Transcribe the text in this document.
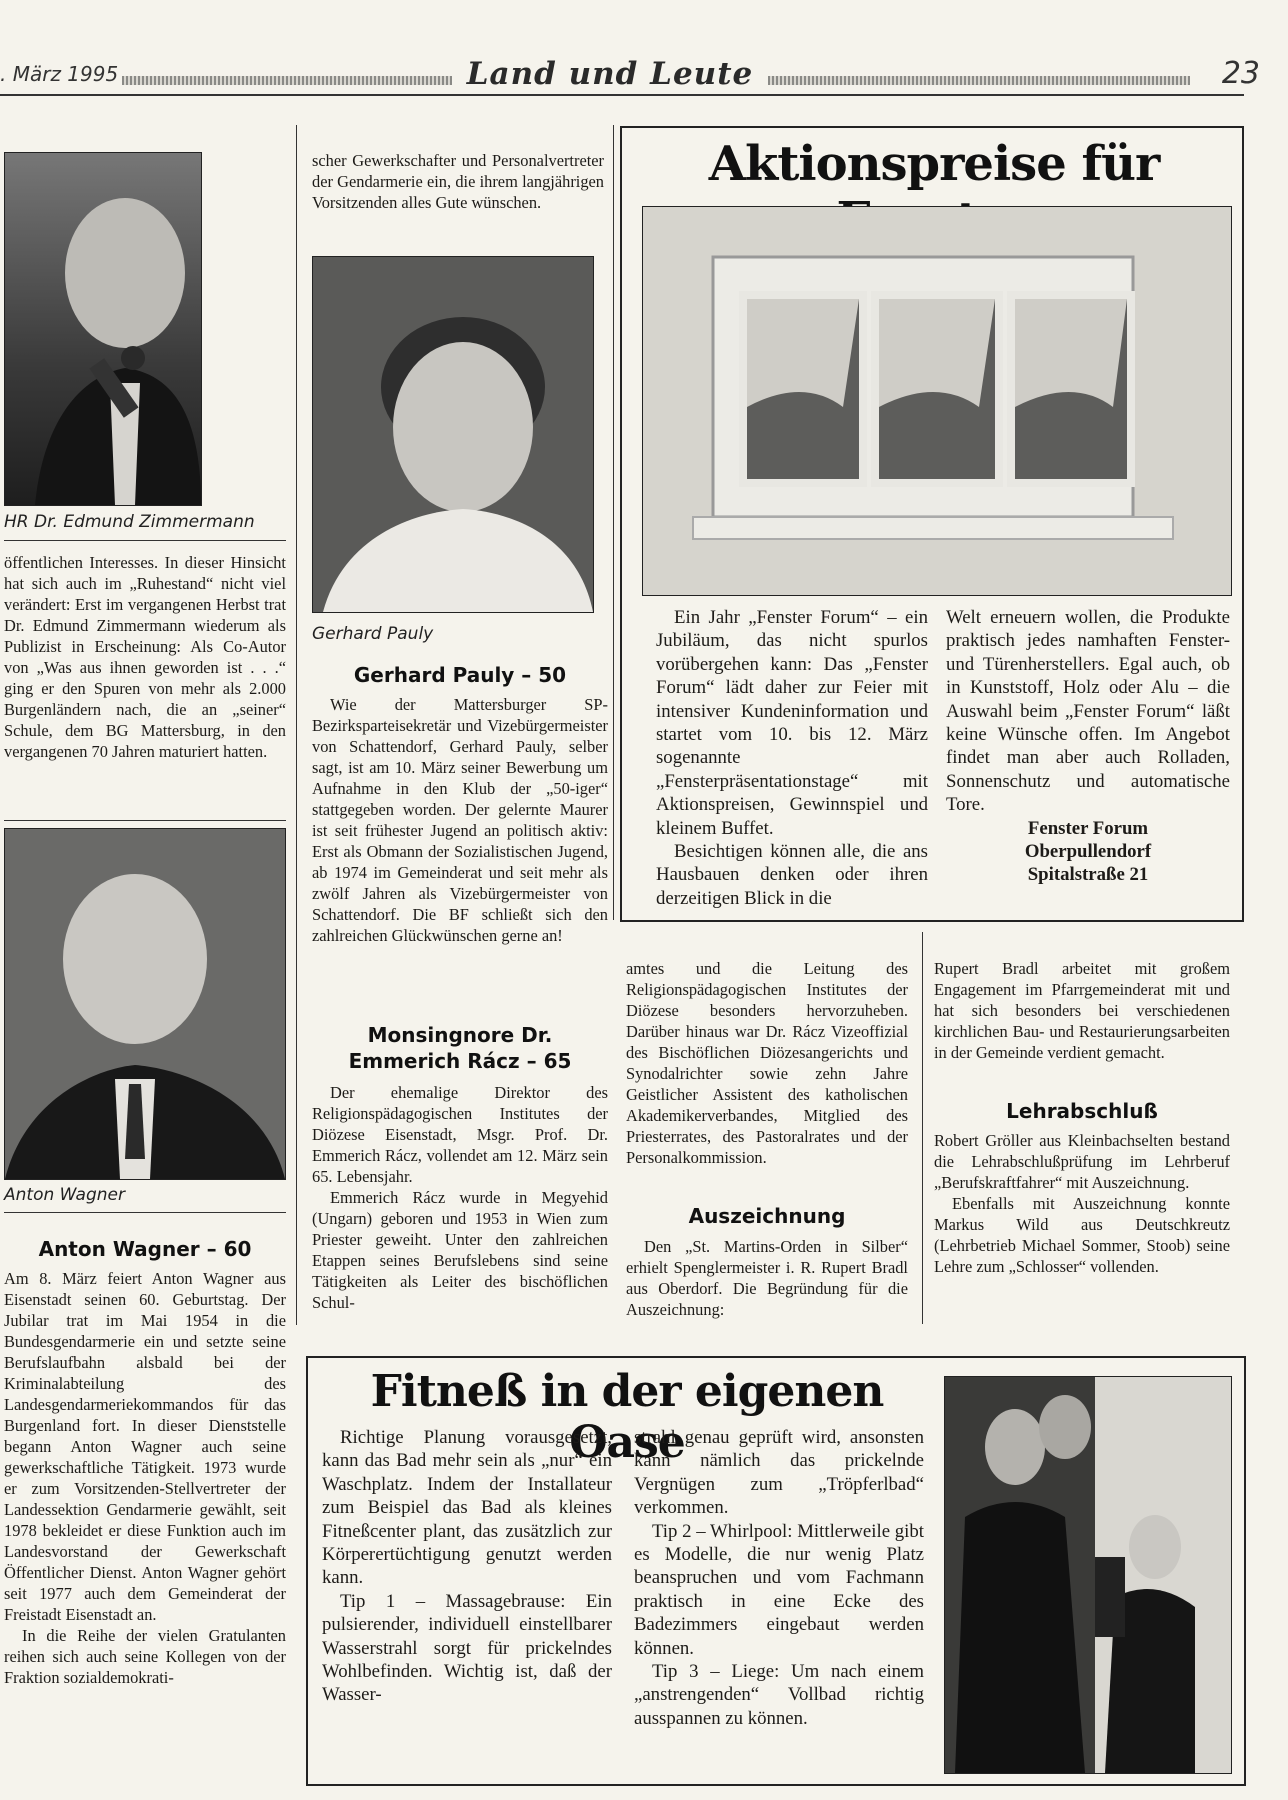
. März 1995	Land und Leute	23
HR Dr. Edmund Zimmermann

öffentlichen Interesses. In dieser Hinsicht hat sich auch im „Ruhestand“ nicht viel verändert: Erst im vergangenen Herbst trat Dr. Edmund Zimmermann wiederum als Publizist in Erscheinung: Als Co-Autor von „Was aus ihnen geworden ist . . .“ ging er den Spuren von mehr als 2.000 Burgenländern nach, die an „seiner“ Schule, dem BG Mattersburg, in den vergangenen 70 Jahren maturiert hatten.

Anton Wagner
Anton Wagner – 60

Am 8. März feiert Anton Wagner aus Eisenstadt seinen 60. Geburtstag. Der Jubilar trat im Mai 1954 in die Bundesgendarmerie ein und setzte seine Berufslaufbahn alsbald bei der Kriminalabteilung des Landesgendarmeriekommandos für das Burgenland fort. In dieser Dienststelle begann Anton Wagner auch seine gewerkschaftliche Tätigkeit. 1973 wurde er zum Vorsitzenden-Stellvertreter der Landessektion Gendarmerie gewählt, seit 1978 bekleidet er diese Funktion auch im Landesvorstand der Gewerkschaft Öffentlicher Dienst. Anton Wagner gehört seit 1977 auch dem Gemeinderat der Freistadt Eisenstadt an.

In die Reihe der vielen Gratulanten reihen sich auch seine Kollegen von der Fraktion sozialdemokrati-

scher Gewerkschafter und Personalvertreter der Gendarmerie ein, die ihrem langjährigen Vorsitzenden alles Gute wünschen.

Gerhard Pauly
Gerhard Pauly – 50

Wie der Mattersburger SP-Bezirksparteisekretär und Vizebürgermeister von Schattendorf, Gerhard Pauly, selber sagt, ist am 10. März seiner Bewerbung um Aufnahme in den Klub der „50-iger“ stattgegeben worden. Der gelernte Maurer ist seit frühester Jugend an politisch aktiv: Erst als Obmann der Sozialistischen Jugend, ab 1974 im Gemeinderat und seit mehr als zwölf Jahren als Vizebürgermeister von Schattendorf. Die BF schließt sich den zahlreichen Glückwünschen gerne an!

Monsingnore Dr.
Emmerich Rácz – 65

Der ehemalige Direktor des Religionspädagogischen Institutes der Diözese Eisenstadt, Msgr. Prof. Dr. Emmerich Rácz, vollendet am 12. März sein 65. Lebensjahr.

Emmerich Rácz wurde in Megyehid (Ungarn) geboren und 1953 in Wien zum Priester geweiht. Unter den zahlreichen Etappen seines Berufslebens sind seine Tätigkeiten als Leiter des bischöflichen Schul-

Aktionspreise für

Ein Jahr „Fenster Forum“ – ein Jubiläum, das nicht spurlos vorübergehen kann: Das „Fenster Forum“ lädt daher zur Feier mit intensiver Kundeninformation und startet vom 10. bis 12. März sogenannte „Fensterpräsentationstage“ mit Aktionspreisen, Gewinnspiel und kleinem Buffet.

Besichtigen können alle, die ans Hausbauen denken oder ihren derzeitigen Blick in die

Welt erneuern wollen, die Produkte praktisch jedes namhaften Fenster- und Türenherstellers. Egal auch, ob in Kunststoff, Holz oder Alu – die Auswahl beim „Fenster Forum“ läßt keine Wünsche offen. Im Angebot findet man aber auch Rolladen, Sonnenschutz und automatische Tore.

Fenster Forum

Oberpullendorf

Spitalstraße 21

amtes und die Leitung des Religionspädagogischen Institutes der Diözese besonders hervorzuheben. Darüber hinaus war Dr. Rácz Vizeoffizial des Bischöflichen Diözesangerichts und Synodalrichter sowie zehn Jahre Geistlicher Assistent des katholischen Akademikerverbandes, Mitglied des Priesterrates, des Pastoralrates und der Personalkommission.

Auszeichnung

Den „St. Martins-Orden in Silber“ erhielt Spenglermeister i. R. Rupert Bradl aus Oberdorf. Die Begründung für die Auszeichnung:

Rupert Bradl arbeitet mit großem Engagement im Pfarrgemeinderat mit und hat sich besonders bei verschiedenen kirchlichen Bau- und Restaurierungsarbeiten in der Gemeinde verdient gemacht.

Lehrabschluß

Robert Gröller aus Kleinbachselten bestand die Lehrabschlußprüfung im Lehrberuf „Berufskraftfahrer“ mit Auszeichnung.

Ebenfalls mit Auszeichnung konnte Markus Wild aus Deutschkreutz (Lehrbetrieb Michael Sommer, Stoob) seine Lehre zum „Schlosser“ vollenden.

Fitneß in der eigenen Oase

Richtige Planung vorausgesetzt, kann das Bad mehr sein als „nur“ ein Waschplatz. Indem der Installateur zum Beispiel das Bad als kleines Fitneßcenter plant, das zusätzlich zur Körperertüchtigung genutzt werden kann.

Tip 1 – Massagebrause: Ein pulsierender, individuell einstellbarer Wasserstrahl sorgt für prickelndes Wohlbefinden. Wichtig ist, daß der Wasser-

strahl genau geprüft wird, ansonsten kann nämlich das prickelnde Vergnügen zum „Tröpferlbad“ verkommen.

Tip 2 – Whirlpool: Mittlerweile gibt es Modelle, die nur wenig Platz beanspruchen und vom Fachmann praktisch in eine Ecke des Badezimmers eingebaut werden können.

Tip 3 – Liege: Um nach einem „anstrengenden“ Vollbad richtig ausspannen zu können.
